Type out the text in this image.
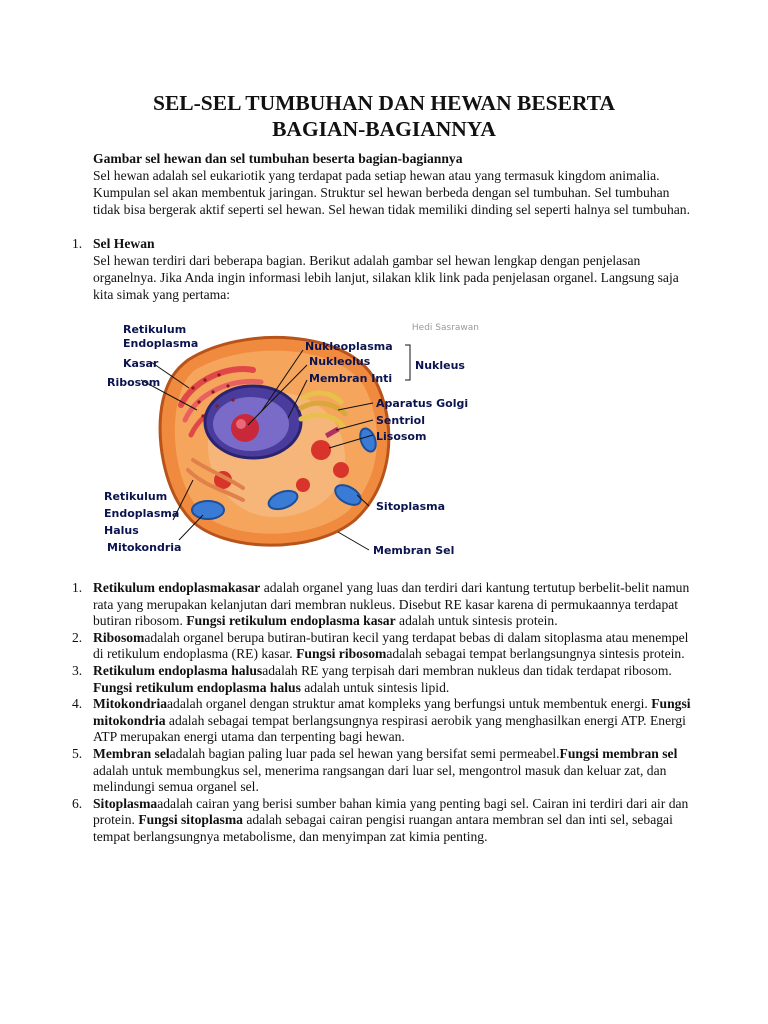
SEL-SEL TUMBUHAN DAN HEWAN BESERTA
BAGIAN-BAGIANNYA
Gambar sel hewan dan sel tumbuhan beserta bagian-bagiannya
Sel hewan adalah sel eukariotik yang terdapat pada setiap hewan atau yang termasuk kingdom animalia. Kumpulan sel akan membentuk jaringan. Struktur sel hewan berbeda dengan sel tumbuhan. Sel tumbuhan tidak bisa bergerak aktif seperti sel hewan. Sel hewan tidak memiliki dinding sel seperti halnya sel tumbuhan.
1. Sel Hewan
Sel hewan terdiri dari beberapa bagian. Berikut adalah gambar sel hewan lengkap dengan penjelasan organelnya. Jika Anda ingin informasi lebih lanjut, silakan klik link pada penjelasan organel. Langsung saja kita simak yang pertama:
Retikulum
Endoplasma
Kasar
Ribosom
Nukleoplasma
Nukleolus
Membran Inti
Nukleus
Aparatus Golgi
Sentriol
Lisosom
Retikulum
Endoplasma
Halus
Mitokondria
Sitoplasma
Membran Sel
Hedi Sasrawan
1. Retikulum endoplasmakasar adalah organel yang luas dan terdiri dari kantung tertutup berbelit-belit namun rata yang merupakan kelanjutan dari membran nukleus. Disebut RE kasar karena di permukaannya terdapat butiran ribosom. Fungsi retikulum endoplasma kasar adalah untuk sintesis protein.
2. Ribosomadalah organel berupa butiran-butiran kecil yang terdapat bebas di dalam sitoplasma atau menempel di retikulum endoplasma (RE) kasar. Fungsi ribosomadalah sebagai tempat berlangsungnya sintesis protein.
3. Retikulum endoplasma halusadalah RE yang terpisah dari membran nukleus dan tidak terdapat ribosom. Fungsi retikulum endoplasma halus adalah untuk sintesis lipid.
4. Mitokondriaadalah organel dengan struktur amat kompleks yang berfungsi untuk membentuk energi. Fungsi mitokondria adalah sebagai tempat berlangsungnya respirasi aerobik yang menghasilkan energi ATP. Energi ATP merupakan energi utama dan terpenting bagi hewan.
5. Membran seladalah bagian paling luar pada sel hewan yang bersifat semi permeabel.Fungsi membran sel adalah untuk membungkus sel, menerima rangsangan dari luar sel, mengontrol masuk dan keluar zat, dan melindungi semua organel sel.
6. Sitoplasmaadalah cairan yang berisi sumber bahan kimia yang penting bagi sel. Cairan ini terdiri dari air dan protein. Fungsi sitoplasma adalah sebagai cairan pengisi ruangan antara membran sel dan inti sel, sebagai tempat berlangsungnya metabolisme, dan menyimpan zat kimia penting.
